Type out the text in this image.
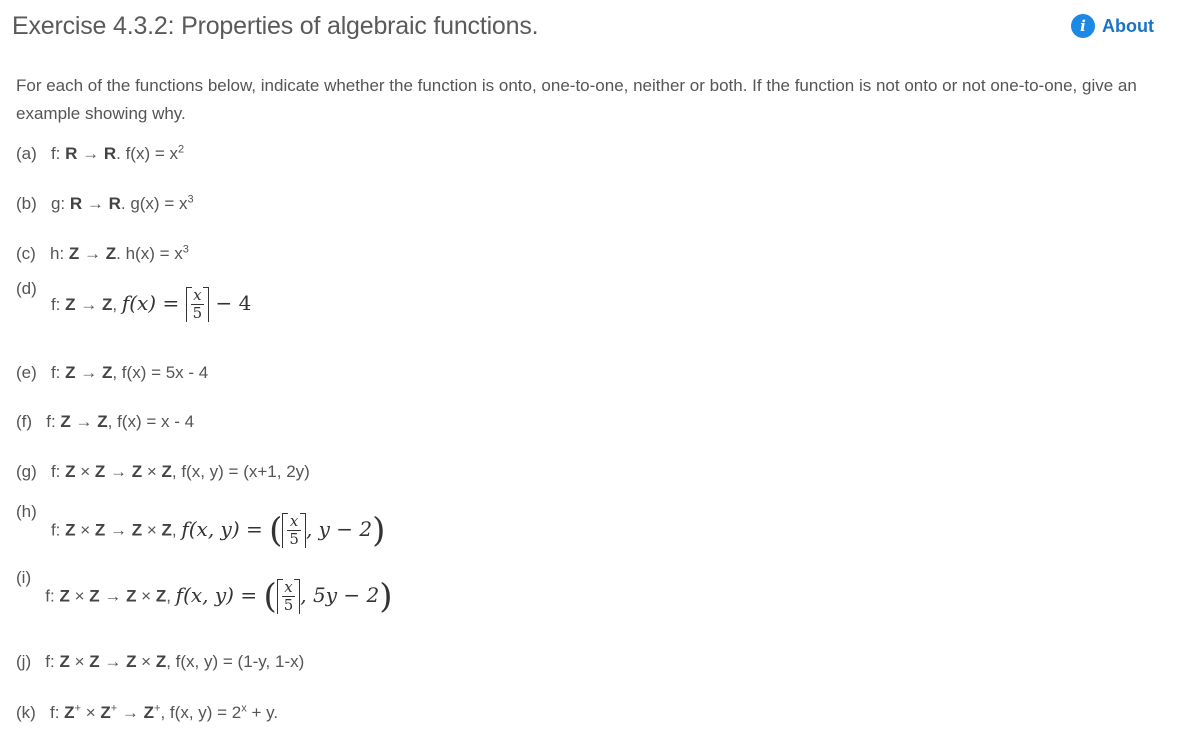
Exercise 4.3.2: Properties of algebraic functions.	i About
For each of the functions below, indicate whether the function is onto, one-to-one, neither or both. If the function is not onto or not one-to-one, give an example showing why.
(a) f: R → R. $f(x) = x^2$
(b) g: R → R. $g(x) = x^3$
(c) h: Z → Z. $h(x) = x^3$
(d)   f: Z → Z, $f(x) = \frac{x}{5} - 4$
(e) f: Z → Z, f(x) = 5x - 4
(f) f: Z → Z, f(x) = x - 4
(g) f: Z × Z → Z × Z, f(x, y) = (x+1, 2y)
(h)   f: Z × Z → Z × Z, f(x, y) = ( $\frac{x}{5}$ , y − 2)
(i)   f: Z × Z → Z × Z, f(x, y) = ( $\frac{x}{5}$ , 5y − 2)
(j) f: Z × Z → Z × Z, f(x, y) = (1-y, 1-x)
(k) f: Z+ × Z+ → Z+, f(x, $y) = 2^x + y$.
